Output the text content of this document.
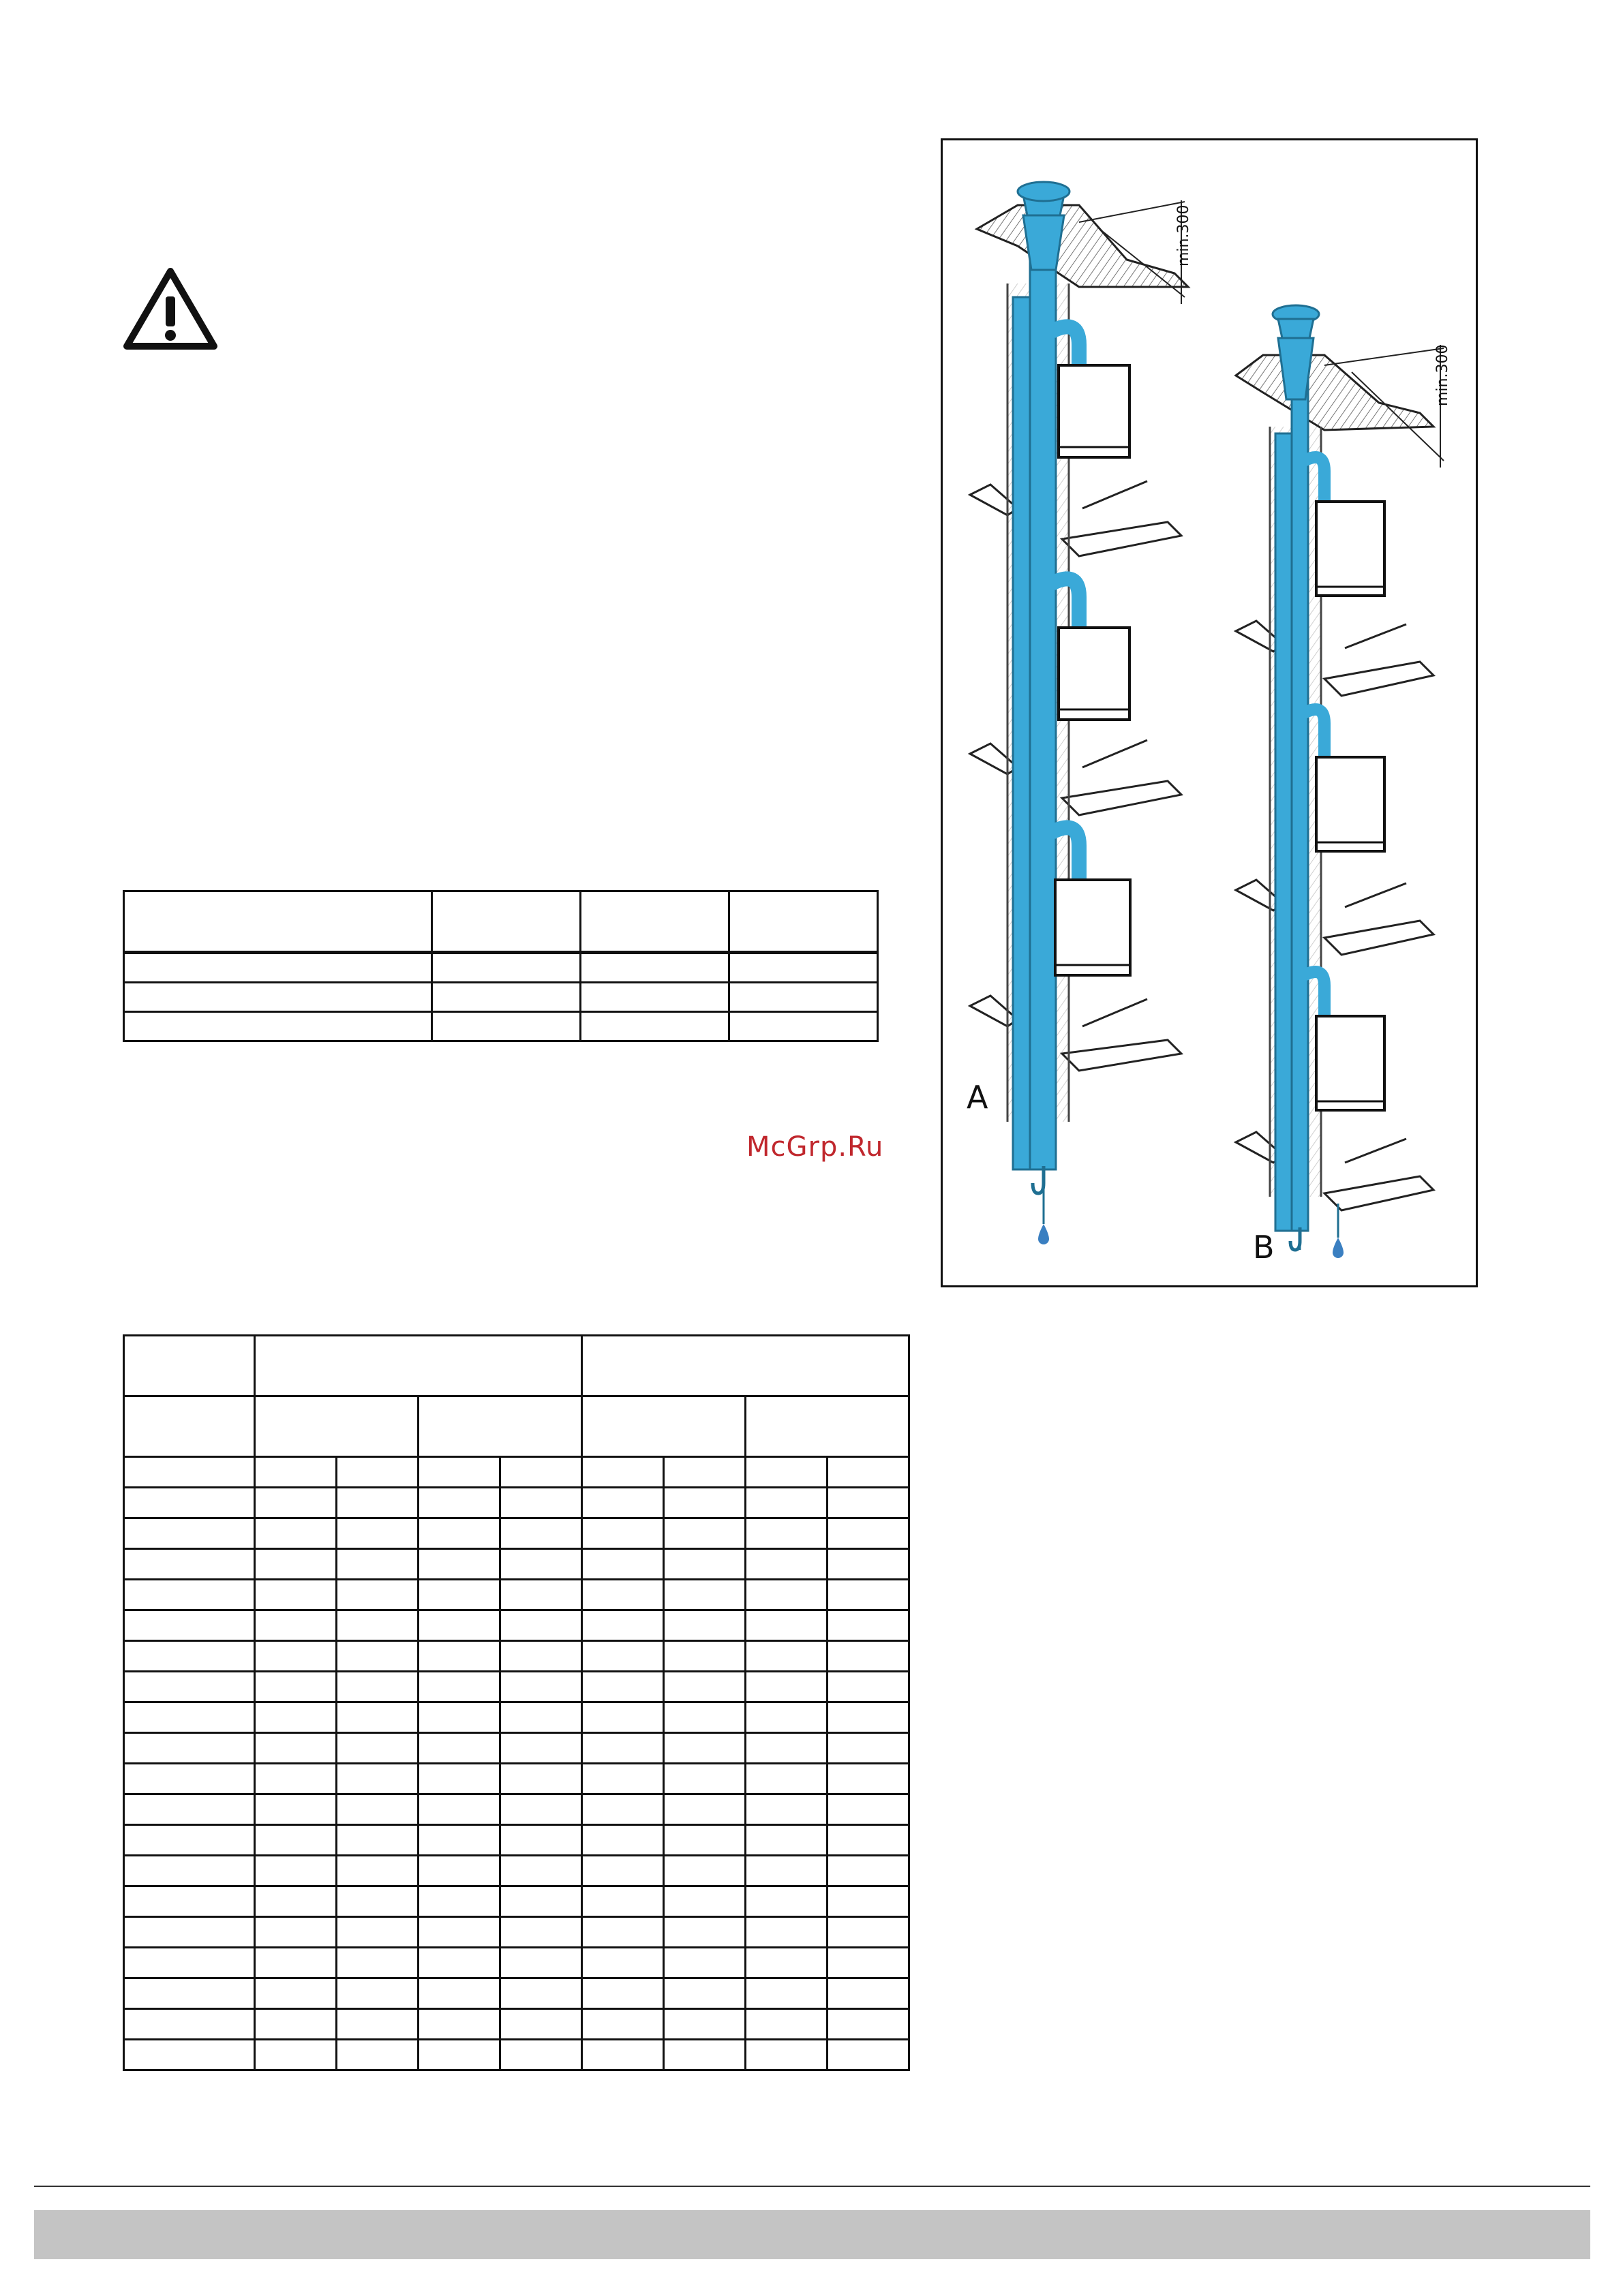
McGrp.Ru

min.300
A
min.300
B
